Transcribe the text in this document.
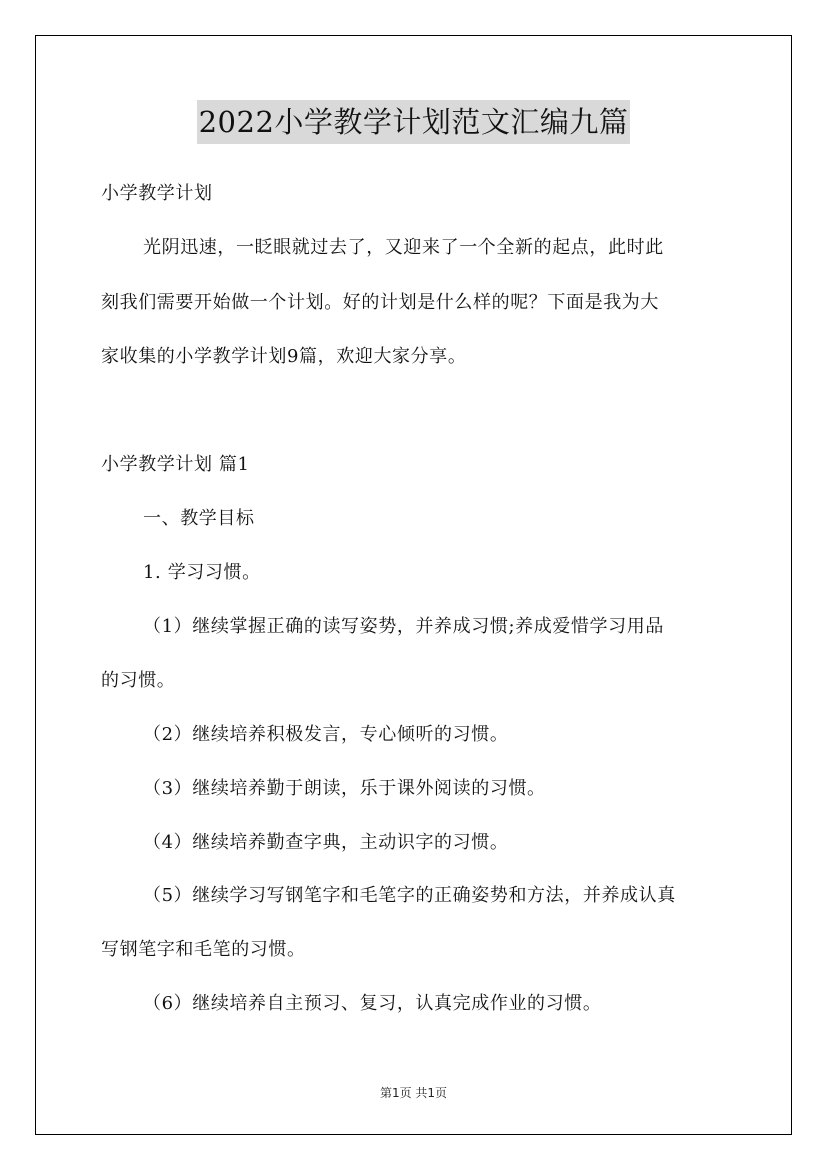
2022小学教学计划范文汇编九篇
小学教学计划
光阴迅速，一眨眼就过去了，又迎来了一个全新的起点，此时此
刻我们需要开始做一个计划。好的计划是什么样的呢？下面是我为大
家收集的小学教学计划9篇，欢迎大家分享。
小学教学计划 篇1
一、教学目标
1. 学习习惯。
（1）继续掌握正确的读写姿势，并养成习惯;养成爱惜学习用品
的习惯。
（2）继续培养积极发言，专心倾听的习惯。
（3）继续培养勤于朗读，乐于课外阅读的习惯。
（4）继续培养勤查字典，主动识字的习惯。
（5）继续学习写钢笔字和毛笔字的正确姿势和方法，并养成认真
写钢笔字和毛笔的习惯。
（6）继续培养自主预习、复习，认真完成作业的习惯。
第1页 共1页
